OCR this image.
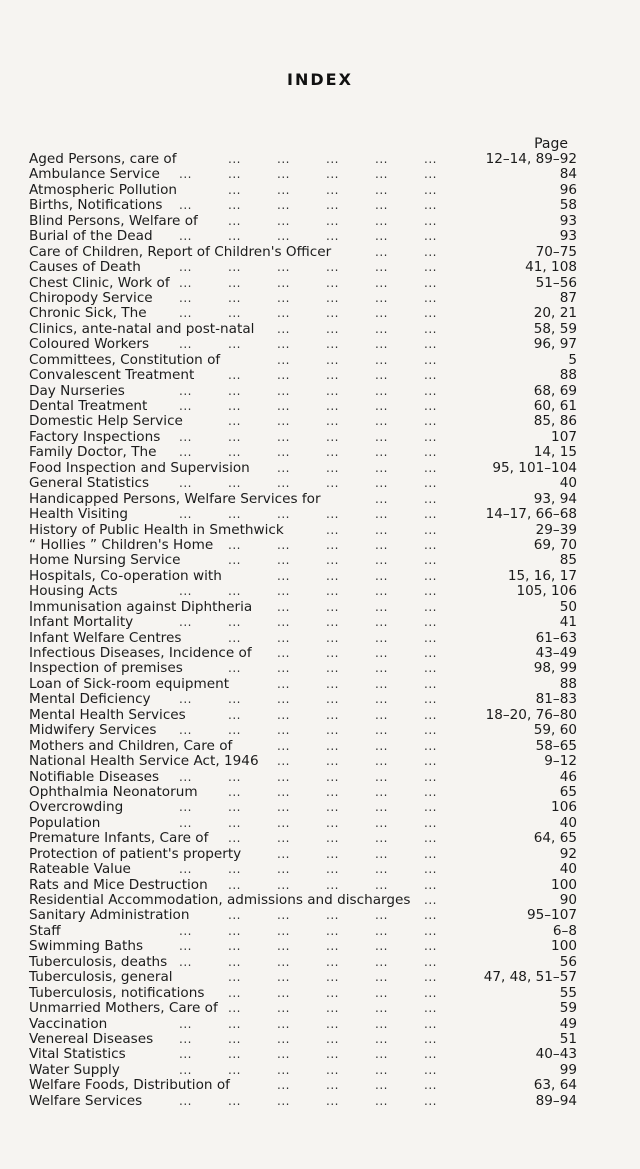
INDEX
Page
...	...	...	...	...
Aged Persons, care of	12–14, 89–92
...	...	...	...	...	...
Ambulance Service	84
...	...	...	...	...
Atmospheric Pollution	96
...	...	...	...	...	...
Births, Notifications	58
...	...	...	...	...
Blind Persons, Welfare of	93
...	...	...	...	...	...
Burial of the Dead	93
...	...
Care of Children, Report of Children's Officer	70–75
...	...	...	...	...	...
Causes of Death	41, 108
...	...	...	...	...	...
Chest Clinic, Work of	51–56
...	...	...	...	...	...
Chiropody Service	87
...	...	...	...	...	...
Chronic Sick, The	20, 21
...	...	...	...
Clinics, ante-natal and post-natal	58, 59
...	...	...	...	...	...
Coloured Workers	96, 97
...	...	...	...
Committees, Constitution of	5
...	...	...	...	...
Convalescent Treatment	88
...	...	...	...	...	...
Day Nurseries	68, 69
...	...	...	...	...	...
Dental Treatment	60, 61
...	...	...	...	...
Domestic Help Service	85, 86
...	...	...	...	...	...
Factory Inspections	107
...	...	...	...	...	...
Family Doctor, The	14, 15
...	...	...	...
Food Inspection and Supervision	95, 101–104
...	...	...	...	...	...
General Statistics	40
...	...
Handicapped Persons, Welfare Services for	93, 94
...	...	...	...	...	...
Health Visiting	14–17, 66–68
...	...	...
History of Public Health in Smethwick	29–39
...	...	...	...	...
“ Hollies ” Children's Home	69, 70
...	...	...	...	...
Home Nursing Service	85
...	...	...	...
Hospitals, Co-operation with	15, 16, 17
...	...	...	...	...	...
Housing Acts	105, 106
...	...	...	...
Immunisation against Diphtheria	50
...	...	...	...	...	...
Infant Mortality	41
...	...	...	...	...
Infant Welfare Centres	61–63
...	...	...	...
Infectious Diseases, Incidence of	43–49
...	...	...	...	...
Inspection of premises	98, 99
...	...	...	...
Loan of Sick-room equipment	88
...	...	...	...	...	...
Mental Deficiency	81–83
...	...	...	...	...
Mental Health Services	18–20, 76–80
...	...	...	...	...	...
Midwifery Services	59, 60
...	...	...	...
Mothers and Children, Care of	58–65
...	...	...	...
National Health Service Act, 1946	9–12
...	...	...	...	...	...
Notifiable Diseases	46
...	...	...	...	...
Ophthalmia Neonatorum	65
...	...	...	...	...	...
Overcrowding	106
...	...	...	...	...	...
Population	40
...	...	...	...	...
Premature Infants, Care of	64, 65
...	...	...	...
Protection of patient's property	92
...	...	...	...	...	...
Rateable Value	40
...	...	...	...	...
Rats and Mice Destruction	100
...
Residential Accommodation, admissions and discharges	90
...	...	...	...	...
Sanitary Administration	95–107
...	...	...	...	...	...
Staff	6–8
...	...	...	...	...	...
Swimming Baths	100
...	...	...	...	...	...
Tuberculosis, deaths	56
...	...	...	...	...
Tuberculosis, general	47, 48, 51–57
...	...	...	...	...
Tuberculosis, notifications	55
...	...	...	...	...
Unmarried Mothers, Care of	59
...	...	...	...	...	...
Vaccination	49
...	...	...	...	...	...
Venereal Diseases	51
...	...	...	...	...	...
Vital Statistics	40–43
...	...	...	...	...	...
Water Supply	99
...	...	...	...
Welfare Foods, Distribution of	63, 64
...	...	...	...	...	...
Welfare Services	89–94
